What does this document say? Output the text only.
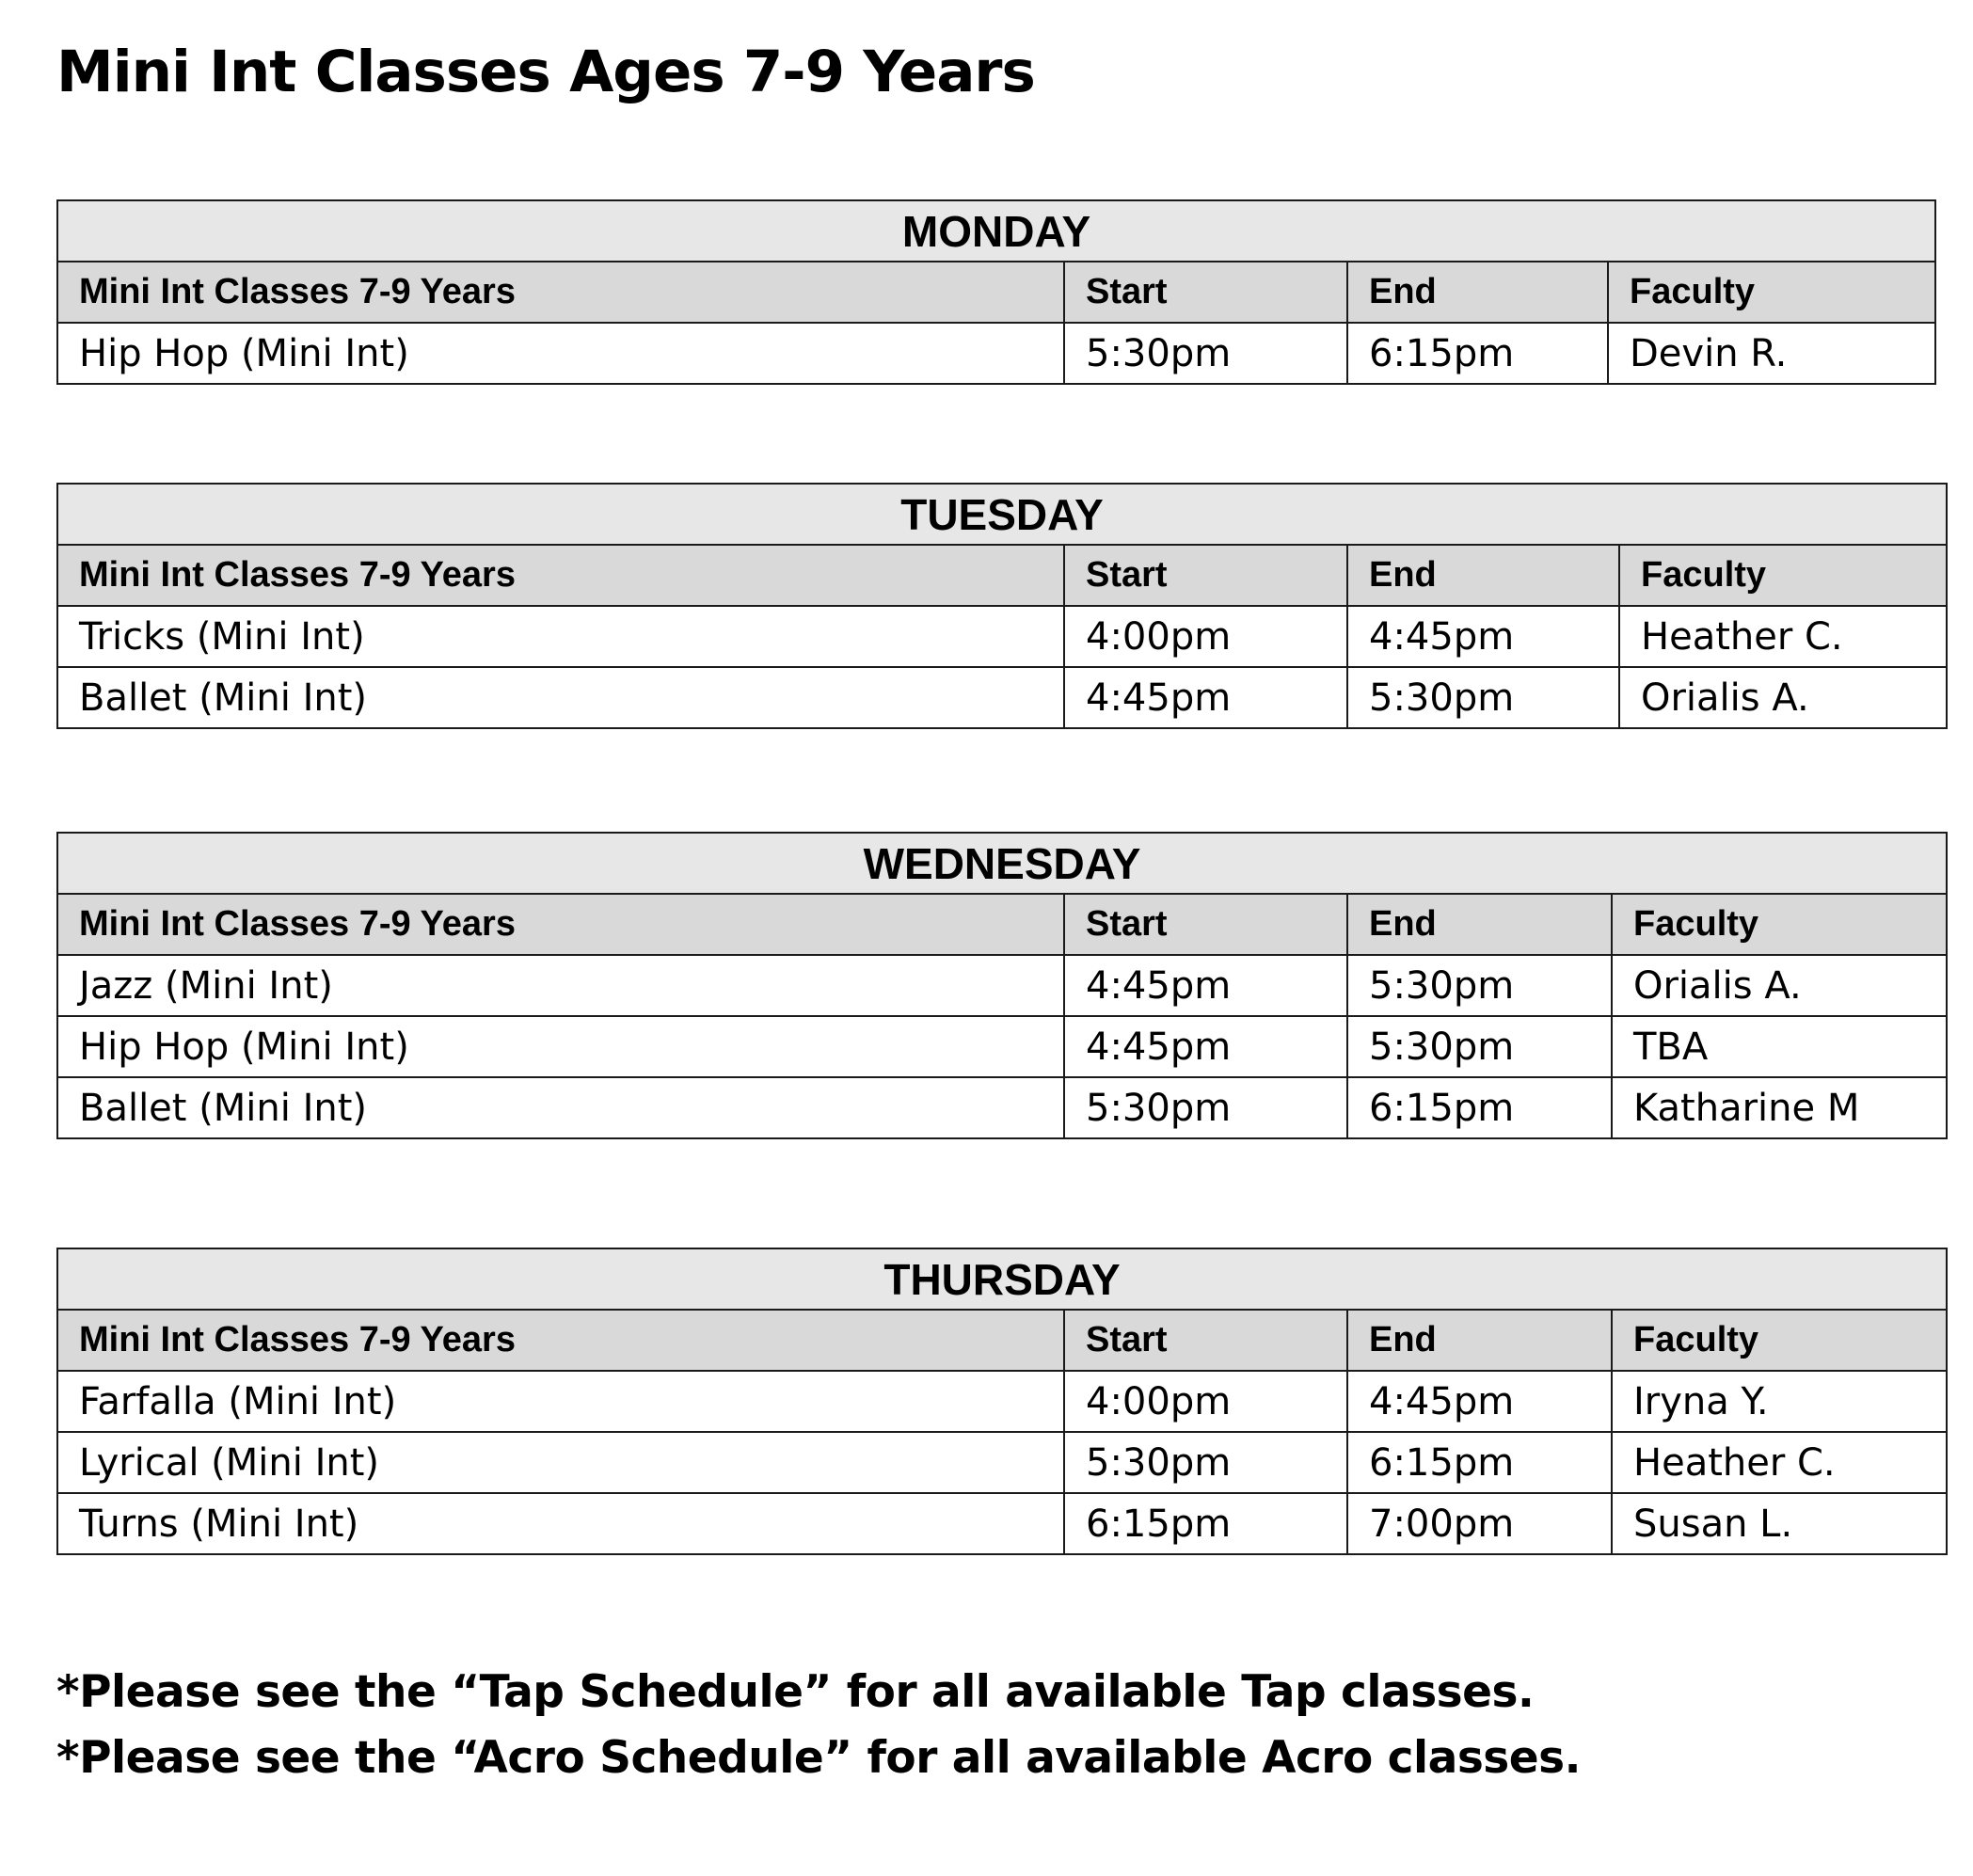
Mini Int Classes Ages 7-9 Years
MONDAY			
Mini Int Classes 7-9 Years	Start	End	Faculty
Hip Hop (Mini Int)	5:30pm	6:15pm	Devin R.
TUESDAY			
Mini Int Classes 7-9 Years	Start	End	Faculty
Tricks (Mini Int)	4:00pm	4:45pm	Heather C.
Ballet (Mini Int)	4:45pm	5:30pm	Orialis A.
WEDNESDAY			
Mini Int Classes 7-9 Years	Start	End	Faculty
Jazz (Mini Int)	4:45pm	5:30pm	Orialis A.
Hip Hop (Mini Int)	4:45pm	5:30pm	TBA
Ballet (Mini Int)	5:30pm	6:15pm	Katharine M
THURSDAY			
Mini Int Classes 7-9 Years	Start	End	Faculty
Farfalla (Mini Int)	4:00pm	4:45pm	Iryna Y.
Lyrical (Mini Int)	5:30pm	6:15pm	Heather C.
Turns (Mini Int)	6:15pm	7:00pm	Susan L.
*Please see the “Tap Schedule” for all available Tap classes.
*Please see the “Acro Schedule” for all available Acro classes.
